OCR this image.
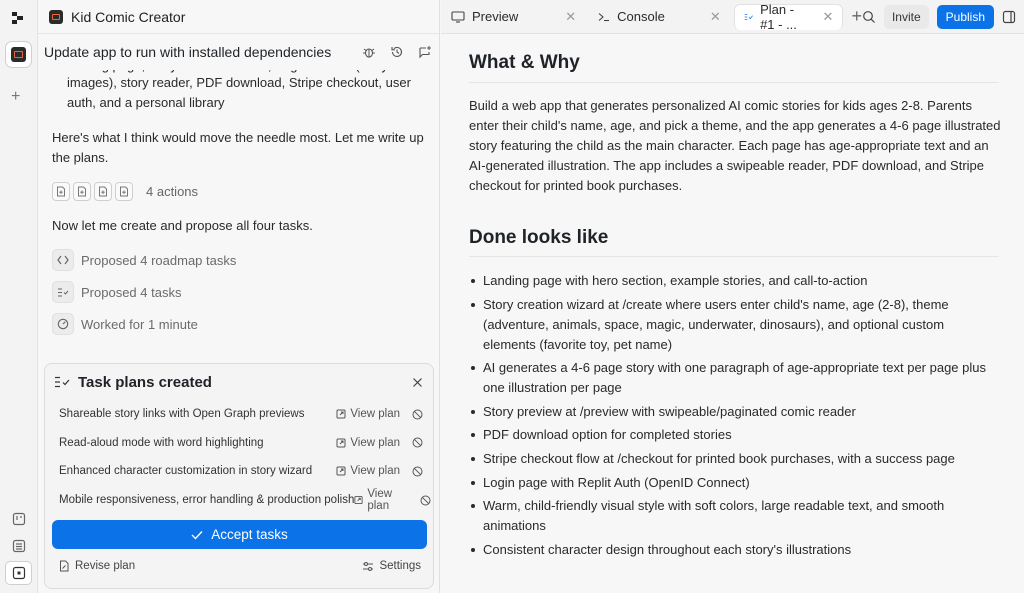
+
Kid Comic Creator

images), story reader, PDF download, Stripe checkout, user auth, and a personal library

Here's what I think would move the needle most. Let me write up the plans.

4 actions

Now let me create and propose all four tasks.

Proposed 4 roadmap tasks
Proposed 4 tasks
Worked for 1 minute
Update app to run with installed dependencies
Task plans created
Shareable story links with Open Graph previews	View plan
Read-aloud mode with word highlighting	View plan
Enhanced character customization in story wizard	View plan
Mobile responsiveness, error handling & production polish View plan
Accept tasks
Revise plan	Settings
Preview	✕	Console	✕	Plan - #1 - ...
✕ +	Invite	Publish
What & Why

Build a web app that generates personalized AI comic stories for kids ages 2-8. Parents enter their child's name, age, and pick a theme, and the app generates a 4-6 page illustrated story featuring the child as the main character. Each page has age-appropriate text and an AI-generated illustration. The app includes a swipeable reader, PDF download, and Stripe checkout for printed book purchases.

Done looks like
Landing page with hero section, example stories, and call-to-action
Story creation wizard at /create where users enter child's name, age (2-8), theme (adventure, animals, space, magic, underwater, dinosaurs), and optional custom elements (favorite toy, pet name)
AI generates a 4-6 page story with one paragraph of age-appropriate text per page plus one illustration per page
Story preview at /preview with swipeable/paginated comic reader
PDF download option for completed stories
Stripe checkout flow at /checkout for printed book purchases, with a success page
Login page with Replit Auth (OpenID Connect)
Warm, child-friendly visual style with soft colors, large readable text, and smooth animations
Consistent character design throughout each story's illustrations
